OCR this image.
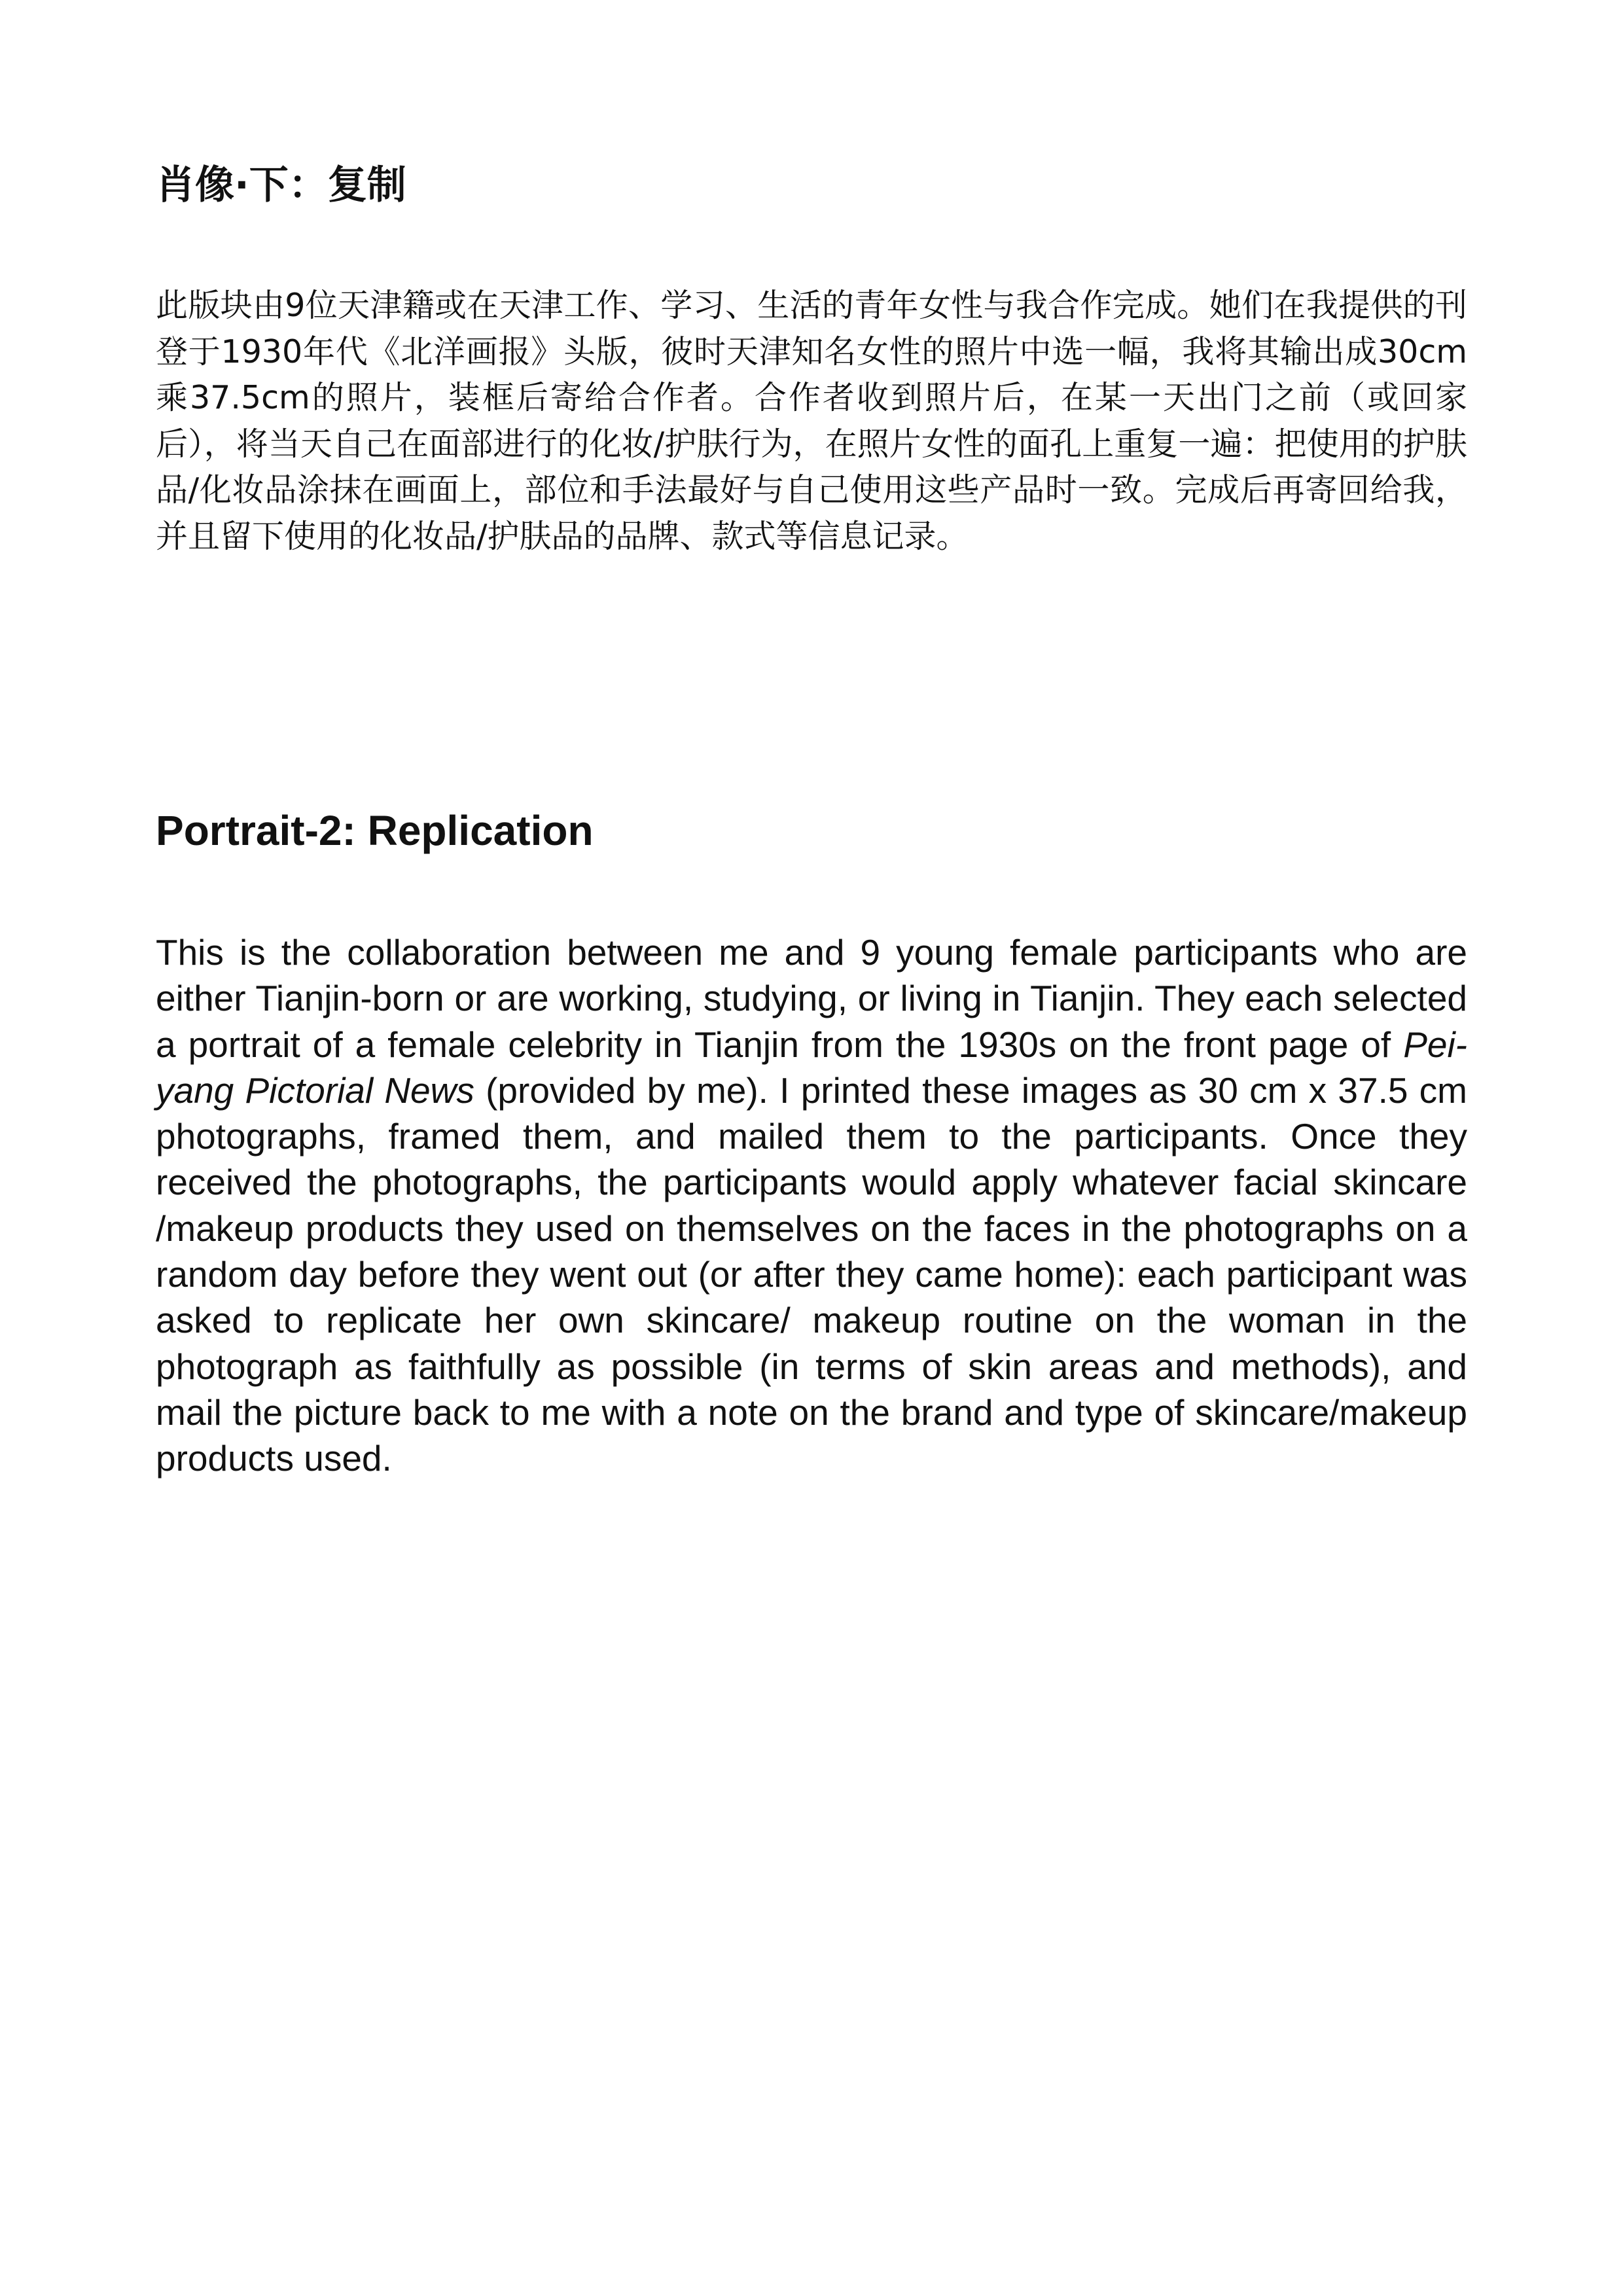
肖像·下：复制

此版块由9位天津籍或在天津工作、学习、生活的青年女性与我合作完成。她们在我提供的刊登于1930年代《北洋画报》头版，彼时天津知名女性的照片中选一幅，我将其输出成30cm乘37.5cm的照片，装框后寄给合作者。合作者收到照片后，在某一天出门之前（或回家后），将当天自己在面部进行的化妆/护肤行为，在照片女性的面孔上重复一遍：把使用的护肤品/化妆品涂抹在画面上，部位和手法最好与自己使用这些产品时一致。完成后再寄回给我，并且留下使用的化妆品/护肤品的品牌、款式等信息记录。

Portrait-2: Replication

This is the collaboration between me and 9 young female participants who are either Tianjin-born or are working, studying, or living in Tianjin. They each selected a portrait of a female celebrity in Tianjin from the 1930s on the front page of Pei-yang Pictorial News (provided by me). I printed these images as 30 cm x 37.5 cm photographs, framed them, and mailed them to the participants. Once they received the photographs, the participants would apply whatever facial skincare /makeup products they used on themselves on the faces in the photographs on a random day before they went out (or after they came home): each participant was asked to replicate her own skincare/ makeup routine on the woman in the photograph as faithfully as possible (in terms of skin areas and methods), and mail the picture back to me with a note on the brand and type of skincare/makeup products used.
